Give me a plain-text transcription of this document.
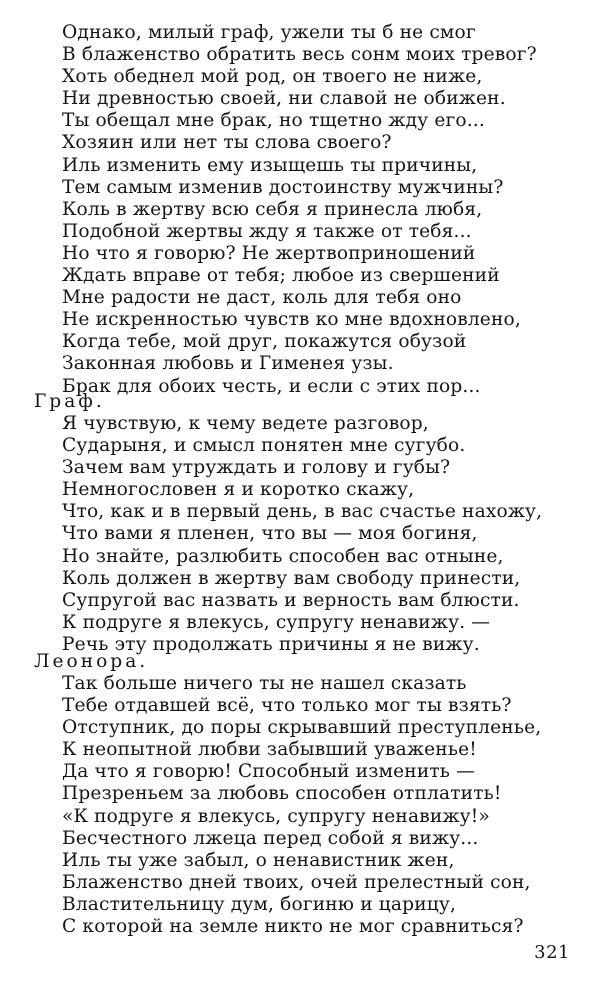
Однако, милый граф, ужели ты б не смог
В блаженство обратить весь сонм моих тревог?
Хоть обеднел мой род, он твоего не ниже,
Ни древностью своей, ни славой не обижен.
Ты обещал мне брак, но тщетно жду его...
Хозяин или нет ты слова своего?
Иль изменить ему изыщешь ты причины,
Тем самым изменив достоинству мужчины?
Коль в жертву всю себя я принесла любя,
Подобной жертвы жду я также от тебя...
Но что я говорю? Не жертвоприношений
Ждать вправе от тебя; любое из свершений
Мне радости не даст, коль для тебя оно
Не искренностью чувств ко мне вдохновлено,
Когда тебе, мой друг, покажутся обузой
Законная любовь и Гименея узы.
Брак для обоих честь, и если с этих пор...
Граф.
Я чувствую, к чему ведете разговор,
Сударыня, и смысл понятен мне сугубо.
Зачем вам утруждать и голову и губы?
Немногословен я и коротко скажу,
Что, как и в первый день, в вас счастье нахожу,
Что вами я пленен, что вы — моя богиня,
Но знайте, разлюбить способен вас отныне,
Коль должен в жертву вам свободу принести,
Супругой вас назвать и верность вам блюсти.
К подруге я влекусь, супругу ненавижу. —
Речь эту продолжать причины я не вижу.
Леонора.
Так больше ничего ты не нашел сказать
Тебе отдавшей всё, что только мог ты взять?
Отступник, до поры скрывавший преступленье,
К неопытной любви забывший уваженье!
Да что я говорю! Способный изменить —
Презреньем за любовь способен отплатить!
«К подруге я влекусь, супругу ненавижу!»
Бесчестного лжеца перед собой я вижу...
Иль ты уже забыл, о ненавистник жен,
Блаженство дней твоих, очей прелестный сон,
Властительницу дум, богиню и царицу,
С которой на земле никто не мог сравниться?
321
